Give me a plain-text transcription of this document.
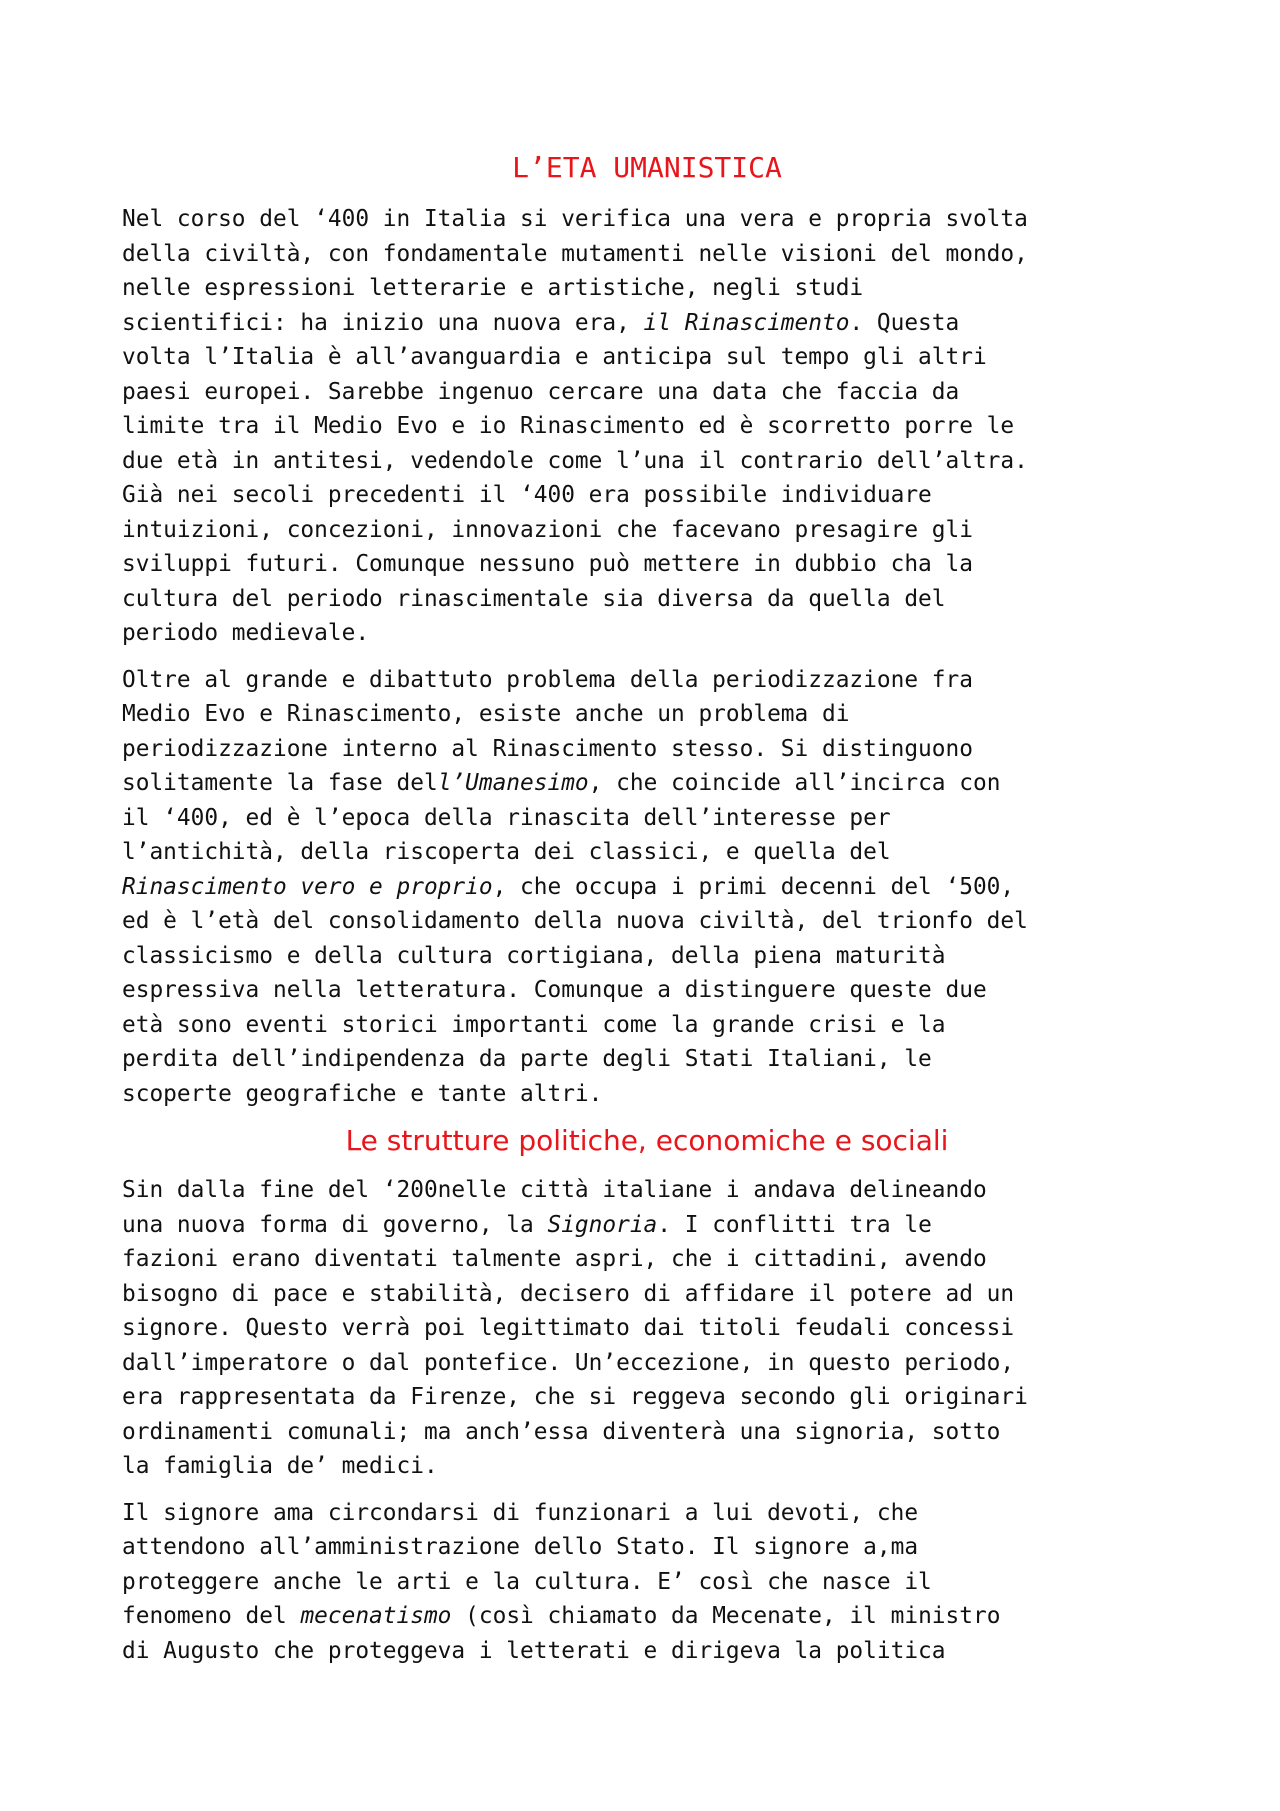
L’ETA UMANISTICA

Nel corso del ‘400 in Italia si verifica una vera e propria svolta
della civiltà, con fondamentale mutamenti nelle visioni del mondo,
nelle espressioni letterarie e artistiche, negli studi
scientifici: ha inizio una nuova era, il Rinascimento. Questa
volta l’Italia è all’avanguardia e anticipa sul tempo gli altri
paesi europei. Sarebbe ingenuo cercare una data che faccia da
limite tra il Medio Evo e io Rinascimento ed è scorretto porre le
due età in antitesi, vedendole come l’una il contrario dell’altra.
Già nei secoli precedenti il ‘400 era possibile individuare
intuizioni, concezioni, innovazioni che facevano presagire gli
sviluppi futuri. Comunque nessuno può mettere in dubbio cha la
cultura del periodo rinascimentale sia diversa da quella del
periodo medievale.

Oltre al grande e dibattuto problema della periodizzazione fra
Medio Evo e Rinascimento, esiste anche un problema di
periodizzazione interno al Rinascimento stesso. Si distinguono
solitamente la fase dell’Umanesimo, che coincide all’incirca con
il ‘400, ed è l’epoca della rinascita dell’interesse per
l’antichità, della riscoperta dei classici, e quella del
Rinascimento vero e proprio, che occupa i primi decenni del ‘500,
ed è l’età del consolidamento della nuova civiltà, del trionfo del
classicismo e della cultura cortigiana, della piena maturità
espressiva nella letteratura. Comunque a distinguere queste due
età sono eventi storici importanti come la grande crisi e la
perdita dell’indipendenza da parte degli Stati Italiani, le
scoperte geografiche e tante altri.

Le strutture politiche, economiche e sociali

Sin dalla fine del ‘200nelle città italiane i andava delineando
una nuova forma di governo, la Signoria. I conflitti tra le
fazioni erano diventati talmente aspri, che i cittadini, avendo
bisogno di pace e stabilità, decisero di affidare il potere ad un
signore. Questo verrà poi legittimato dai titoli feudali concessi
dall’imperatore o dal pontefice. Un’eccezione, in questo periodo,
era rappresentata da Firenze, che si reggeva secondo gli originari
ordinamenti comunali; ma anch’essa diventerà una signoria, sotto
la famiglia de’ medici.

Il signore ama circondarsi di funzionari a lui devoti, che
attendono all’amministrazione dello Stato. Il signore a,ma
proteggere anche le arti e la cultura. E’ così che nasce il
fenomeno del mecenatismo (così chiamato da Mecenate, il ministro
di Augusto che proteggeva i letterati e dirigeva la politica
